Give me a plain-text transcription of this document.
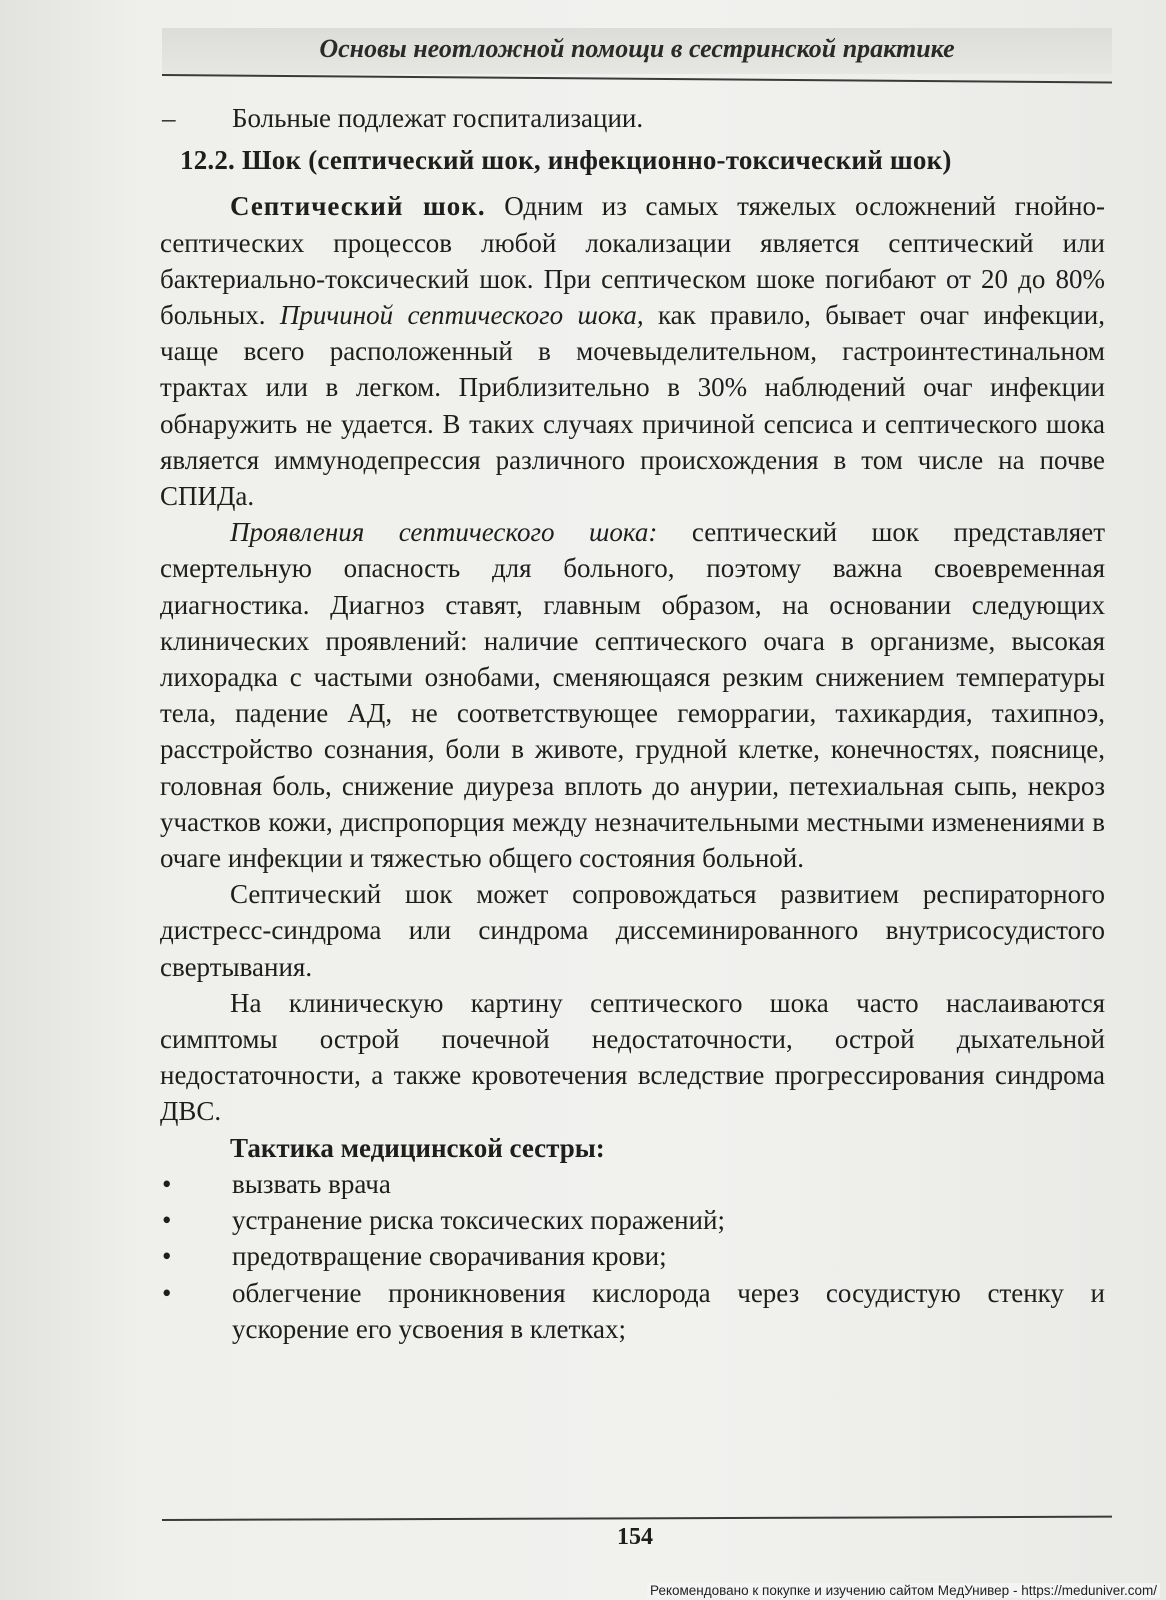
Основы неотложной помощи в сестринской практике
– Больные подлежат госпитализации.
12.2. Шок (септический шок, инфекционно-токсический шок)

Септический шок. Одним из самых тяжелых осложнений гнойно-септических процессов любой локализации является септический или бактериально-токсический шок. При септическом шоке погибают от 20 до 80% больных. Причиной септического шока, как правило, бывает очаг инфекции, чаще всего расположенный в мочевыделительном, гастроинтестинальном трактах или в легком. Приблизительно в 30% наблюдений очаг инфекции обнаружить не удается. В таких случаях причиной сепсиса и септического шока является иммунодепрессия различного происхождения в том числе на почве СПИДа.

Проявления септического шока: септический шок представляет смертельную опасность для больного, поэтому важна своевременная диагностика. Диагноз ставят, главным образом, на основании следующих клинических проявлений: наличие септического очага в организме, высокая лихорадка с частыми ознобами, сменяющаяся резким снижением температуры тела, падение АД, не соответствующее геморрагии, тахикардия, тахипноэ, расстройство сознания, боли в животе, грудной клетке, конечностях, пояснице, головная боль, снижение диуреза вплоть до анурии, петехиальная сыпь, некроз участков кожи, диспропорция между незначительными местными изменениями в очаге инфекции и тяжестью общего состояния больной.

Септический шок может сопровождаться развитием респираторного дистресс-синдрома или синдрома диссеминированного внутрисосудистого свертывания.

На клиническую картину септического шока часто наслаиваются симптомы острой почечной недостаточности, острой дыхательной недостаточности, а также кровотечения вследствие прогрессирования синдрома ДВС.

Тактика медицинской сестры:
• вызвать врача
• устранение риска токсических поражений;
• предотвращение сворачивания крови;
• облегчение проникновения кислорода через сосудистую стенку и ускорение его усвоения в клетках;
154
Рекомендовано к покупке и изучению сайтом МедУнивер - https://meduniver.com/
